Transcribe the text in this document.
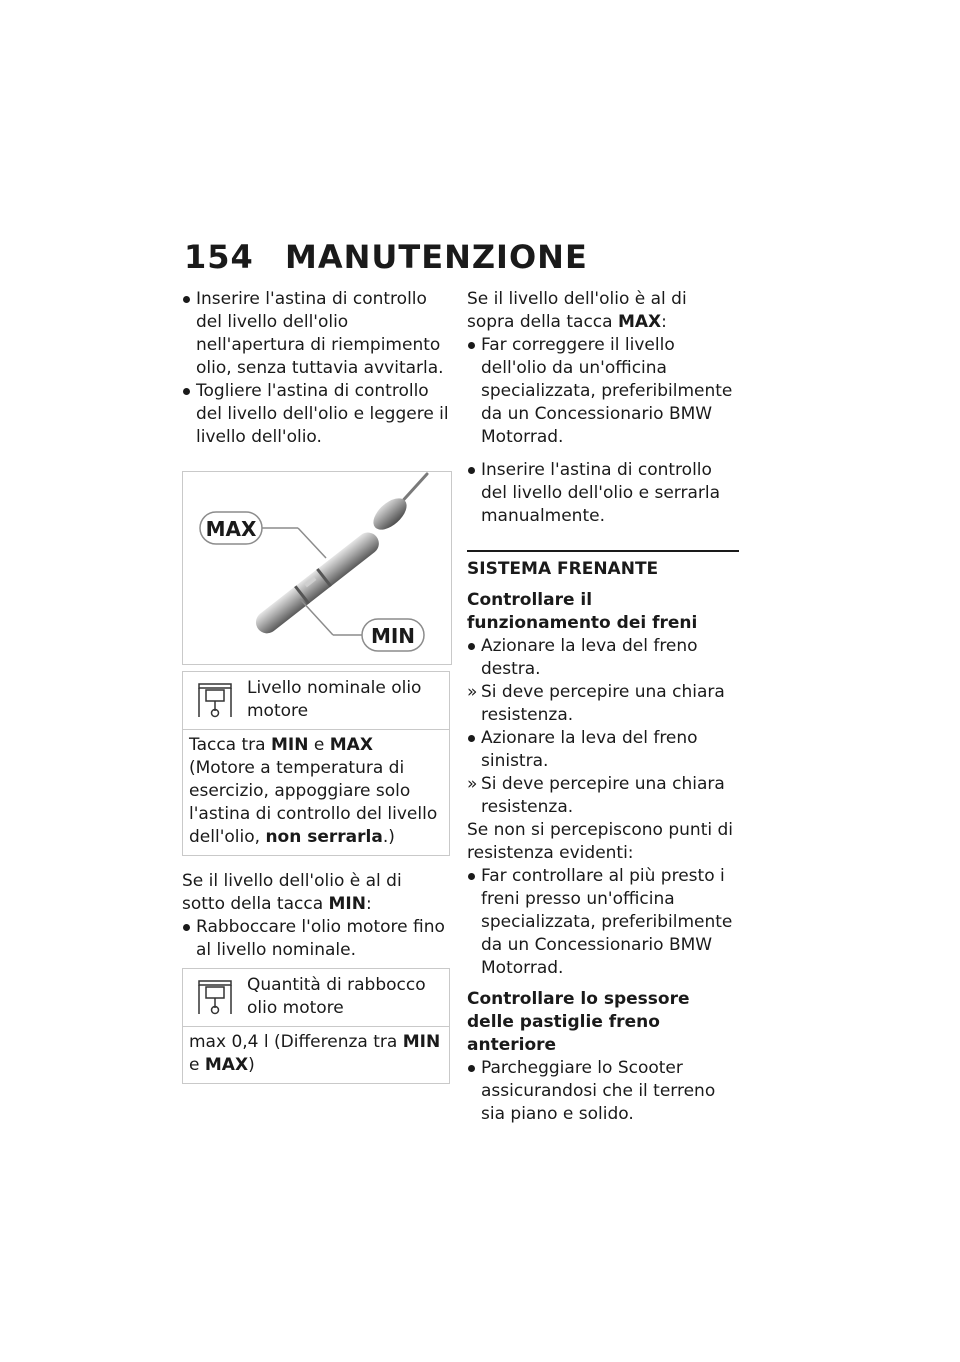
154 MANUTENZIONE
Inserire l'astina di controllo del livello dell'olio nell'apertura di riempimento olio, senza tuttavia avvitarla.
Togliere l'astina di controllo del livello dell'olio e leggere il livello dell'olio.
MAX
MIN
Livello nominale olio motore
Tacca tra MIN e MAX
(Motore a temperatura di esercizio, appoggiare solo l'astina di controllo del livello dell'olio, non serrarla.)
Se il livello dell'olio è al di sotto della tacca MIN:
Rabboccare l'olio motore fino al livello nominale.
Quantità di rabbocco olio motore
max 0,4 l (Differenza tra MIN
e MAX)
Se il livello dell'olio è al di sopra della tacca MAX:
Far correggere il livello dell'olio da un'officina specializzata, preferibilmente da un Concessionario BMW Motorrad.
Inserire l'astina di controllo del livello dell'olio e serrarla manualmente.
SISTEMA FRENANTE
Controllare il funzionamento dei freni
Azionare la leva del freno destra.
» Si deve percepire una chiara resistenza.
Azionare la leva del freno sinistra.
» Si deve percepire una chiara resistenza.
Se non si percepiscono punti di resistenza evidenti:
Far controllare al più presto i freni presso un'officina specializzata, preferibilmente da un Concessionario BMW Motorrad.
Controllare lo spessore delle pastiglie freno anteriore
Parcheggiare lo Scooter assicurandosi che il terreno sia piano e solido.
